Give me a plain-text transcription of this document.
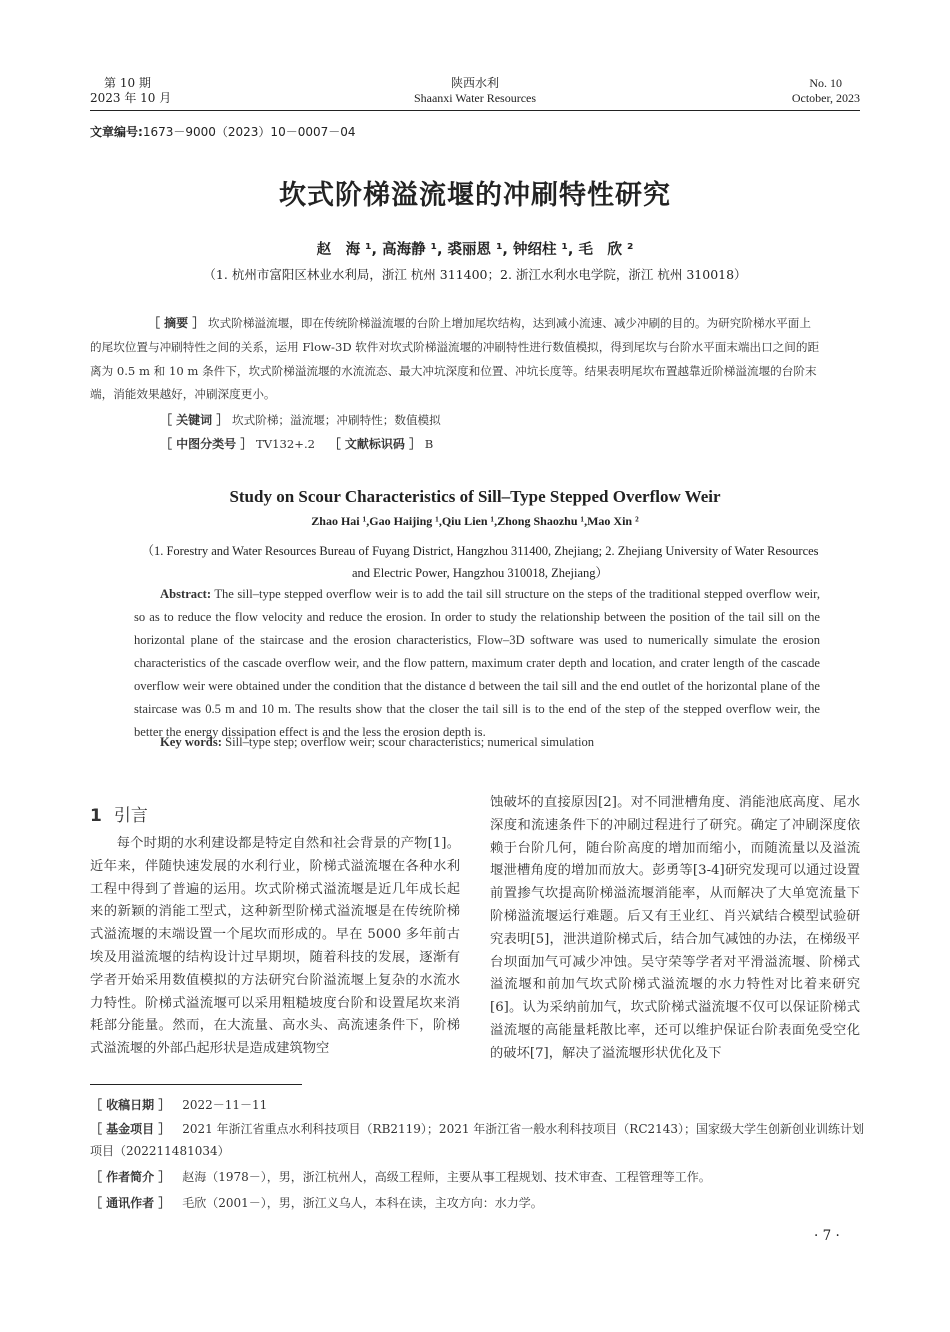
第 10 期
2023 年 10 月
陕西水利
Shaanxi Water Resources
No. 10
October, 2023
文章编号:1673－9000（2023）10－0007－04
坎式阶梯溢流堰的冲刷特性研究
赵　海 ¹, 高海静 ¹, 裘丽恩 ¹, 钟绍柱 ¹, 毛　欣 ²
（1. 杭州市富阳区林业水利局，浙江 杭州 311400；2. 浙江水利水电学院，浙江 杭州 310018）
［ 摘要 ］ 坎式阶梯溢流堰，即在传统阶梯溢流堰的台阶上增加尾坎结构，达到减小流速、减少冲刷的目的。为研究阶梯水平面上的尾坎位置与冲刷特性之间的关系，运用 Flow-3D 软件对坎式阶梯溢流堰的冲刷特性进行数值模拟，得到尾坎与台阶水平面末端出口之间的距离为 0.5 m 和 10 m 条件下，坎式阶梯溢流堰的水流流态、最大冲坑深度和位置、冲坑长度等。结果表明尾坎布置越靠近阶梯溢流堰的台阶末端，消能效果越好，冲刷深度更小。
［ 关键词 ］ 坎式阶梯；溢流堰；冲刷特性；数值模拟
［ 中图分类号 ］ TV132+.2 ［ 文献标识码 ］ B
Study on Scour Characteristics of Sill–Type Stepped Overflow Weir
Zhao Hai ¹,Gao Haijing ¹,Qiu Lien ¹,Zhong Shaozhu ¹,Mao Xin ²
（1. Forestry and Water Resources Bureau of Fuyang District, Hangzhou 311400, Zhejiang; 2. Zhejiang University of Water Resources and Electric Power, Hangzhou 310018, Zhejiang）
Abstract: The sill–type stepped overflow weir is to add the tail sill structure on the steps of the traditional stepped overflow weir, so as to reduce the flow velocity and reduce the erosion. In order to study the relationship between the position of the tail sill on the horizontal plane of the staircase and the erosion characteristics, Flow–3D software was used to numerically simulate the erosion characteristics of the cascade overflow weir, and the flow pattern, maximum crater depth and location, and crater length of the cascade overflow weir were obtained under the condition that the distance d between the tail sill and the end outlet of the horizontal plane of the staircase was 0.5 m and 10 m. The results show that the closer the tail sill is to the end of the step of the stepped overflow weir, the better the energy dissipation effect is and the less the erosion depth is.
Key words: Sill–type step; overflow weir; scour characteristics; numerical simulation
1 引言

每个时期的水利建设都是特定自然和社会背景的产物[1]。近年来，伴随快速发展的水利行业，阶梯式溢流堰在各种水利工程中得到了普遍的运用。坎式阶梯式溢流堰是近几年成长起来的新颖的消能工型式，这种新型阶梯式溢流堰是在传统阶梯式溢流堰的末端设置一个尾坎而形成的。早在 5000 多年前古埃及用溢流堰的结构设计过早期坝，随着科技的发展，逐渐有学者开始采用数值模拟的方法研究台阶溢流堰上复杂的水流水力特性。阶梯式溢流堰可以采用粗糙坡度台阶和设置尾坎来消耗部分能量。然而，在大流量、高水头、高流速条件下，阶梯式溢流堰的外部凸起形状是造成建筑物空

蚀破坏的直接原因[2]。对不同泄槽角度、消能池底高度、尾水深度和流速条件下的冲刷过程进行了研究。确定了冲刷深度依赖于台阶几何，随台阶高度的增加而缩小，而随流量以及溢流堰泄槽角度的增加而放大。彭勇等[3-4]研究发现可以通过设置前置掺气坎提高阶梯溢流堰消能率，从而解决了大单宽流量下阶梯溢流堰运行难题。后又有王业红、肖兴斌结合模型试验研究表明[5]，泄洪道阶梯式后，结合加气减蚀的办法，在梯级平台坝面加气可减少冲蚀。吴守荣等学者对平滑溢流堰、阶梯式溢流堰和前加气坎式阶梯式溢流堰的水力特性对比着来研究[6]。认为采纳前加气，坎式阶梯式溢流堰不仅可以保证阶梯式溢流堰的高能量耗散比率，还可以维护保证台阶表面免受空化的破坏[7]，解决了溢流堰形状优化及下

［ 收稿日期 ］ 2022－11－11
［ 基金项目 ］ 2021 年浙江省重点水利科技项目（RB2119）；2021 年浙江省一般水利科技项目（RC2143）；国家级大学生创新创业训练计划项目（202211481034）
［ 作者简介 ］ 赵海（1978－），男，浙江杭州人，高级工程师，主要从事工程规划、技术审查、工程管理等工作。
［ 通讯作者 ］ 毛欣（2001－），男，浙江义乌人，本科在读，主攻方向：水力学。
· 7 ·
